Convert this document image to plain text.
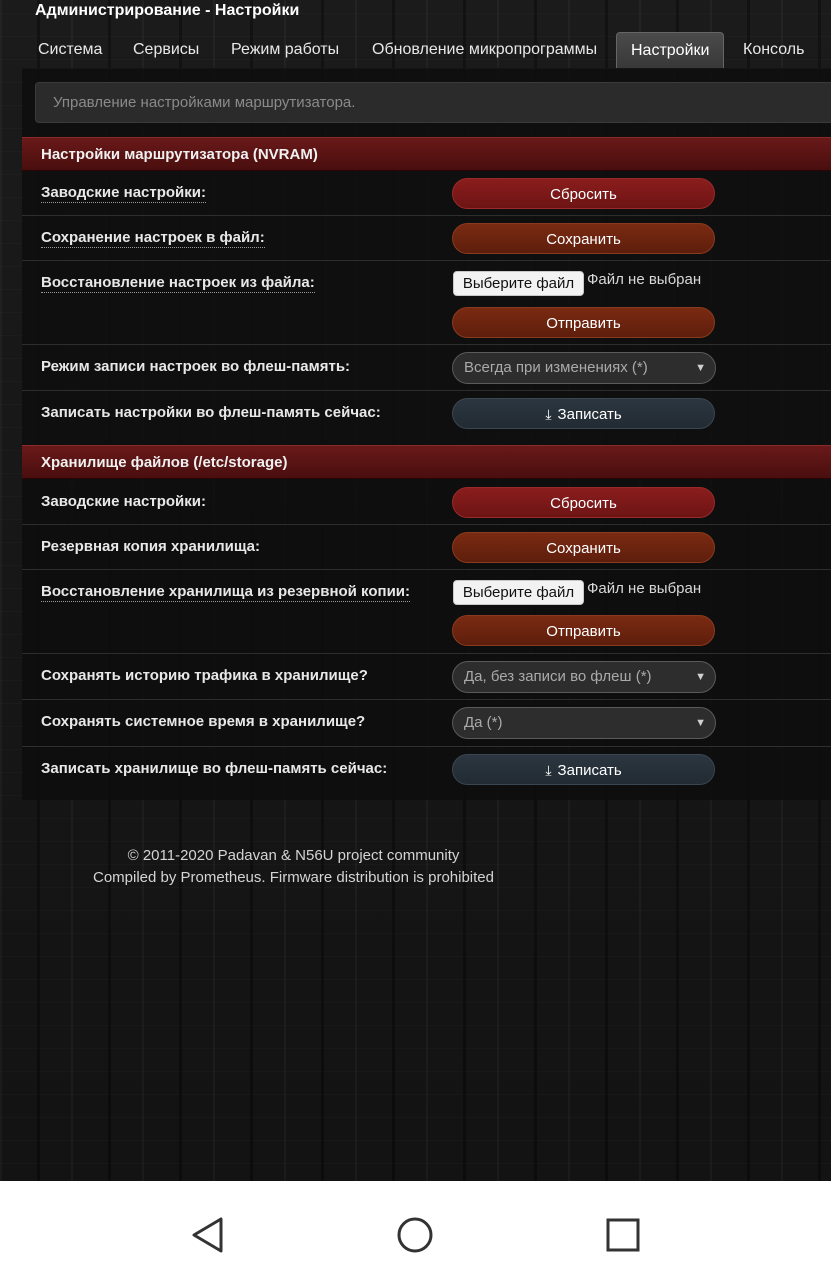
Администрирование - Настройки
Система Сервисы Режим работы Обновление микропрограммы	Настройки	Консоль
Управление настройками маршрутизатора.
Настройки маршрутизатора (NVRAM)
Заводские настройки:	Сбросить
Сохранение настроек в файл:	Сохранить
Восстановление настроек из файла:	Выберите файл Файл не выбран
Отправить
Режим записи настроек во флеш-память:	Всегда при изменениях (*)	▼
Записать настройки во флеш-память сейчас:	⤓ Записать
Хранилище файлов (/etc/storage)
Заводские настройки:	Сбросить
Резервная копия хранилища:	Сохранить
Восстановление хранилища из резервной копии:	Выберите файл Файл не выбран
Отправить
Сохранять историю трафика в хранилище?	Да, без записи во флеш (*)	▼
Сохранять системное время в хранилище?	Да (*)	▼
Записать хранилище во флеш-память сейчас:	⤓ Записать
© 2011-2020 Padavan & N56U project community
Compiled by Prometheus. Firmware distribution is prohibited
